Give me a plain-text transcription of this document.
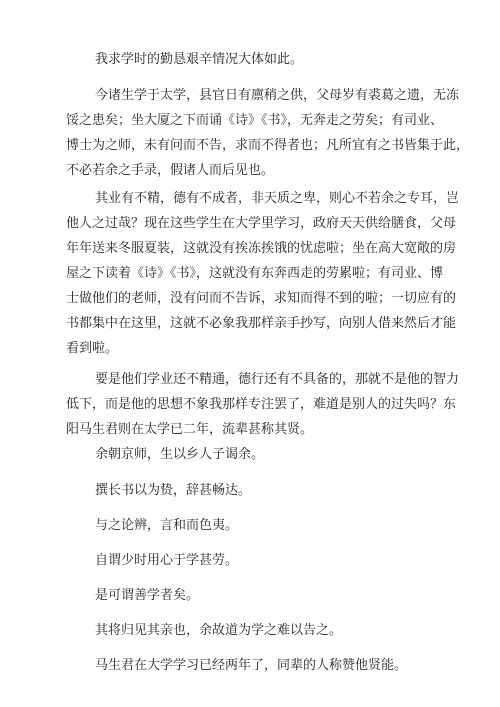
我求学时的勤恳艰辛情况大体如此。
今诸生学于太学，县官日有廪稍之供，父母岁有裘葛之遗，无冻
馁之患矣；坐大厦之下而诵《诗》《书》，无奔走之劳矣；有司业、
博士为之师，未有问而不告，求而不得者也；凡所宜有之书皆集于此，
不必若余之手录，假诸人而后见也。
其业有不精，德有不成者，非天质之卑，则心不若余之专耳，岂
他人之过哉？现在这些学生在大学里学习，政府天天供给膳食，父母
年年送来冬服夏装，这就没有挨冻挨饿的忧虑啦；坐在高大宽敞的房
屋之下读着《诗》《书》，这就没有东奔西走的劳累啦；有司业、博
士做他们的老师，没有问而不告诉，求知而得不到的啦；一切应有的
书都集中在这里，这就不必象我那样亲手抄写，向别人借来然后才能
看到啦。
要是他们学业还不精通，德行还有不具备的，那就不是他的智力
低下，而是他的思想不象我那样专注罢了，难道是别人的过失吗？东
阳马生君则在太学已二年，流辈甚称其贤。
余朝京师，生以乡人子谒余。
撰长书以为贽，辞甚畅达。
与之论辨，言和而色夷。
自谓少时用心于学甚劳。
是可谓善学者矣。
其将归见其亲也，余故道为学之难以告之。
马生君在大学学习已经两年了，同辈的人称赞他贤能。
